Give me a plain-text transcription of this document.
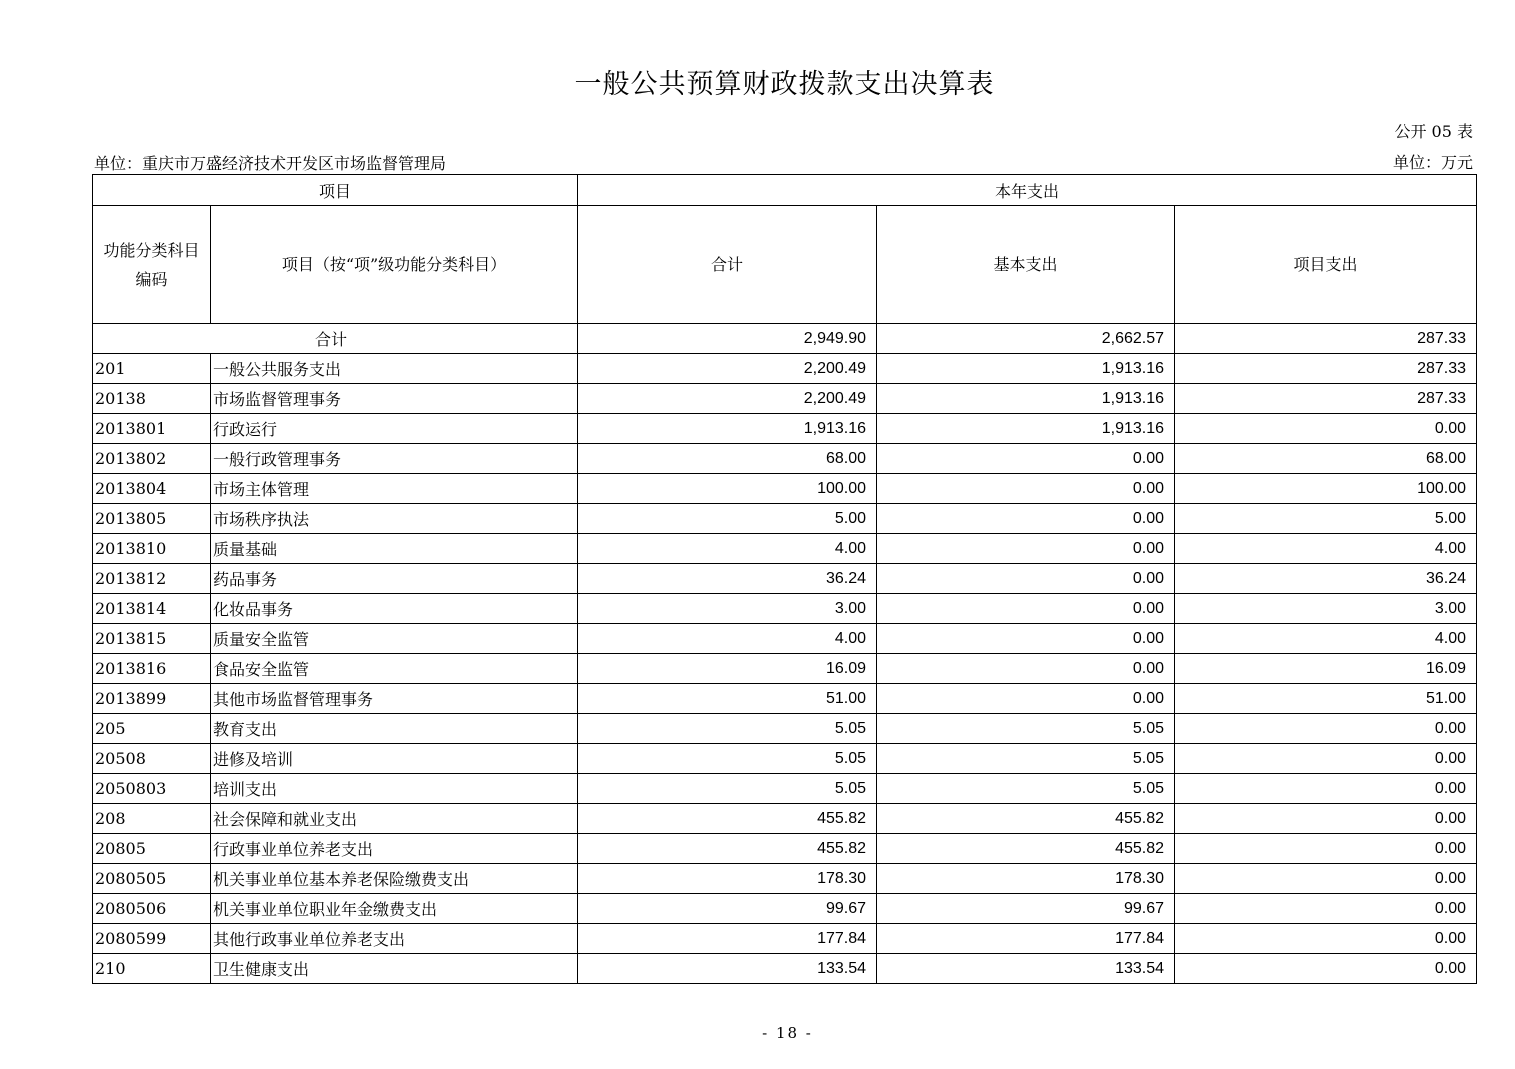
一般公共预算财政拨款支出决算表
公开 05 表
单位：重庆市万盛经济技术开发区市场监督管理局	单位：万元
项目		本年支出		
功能分类科目编码	项目（按“项”级功能分类科目）	合计	基本支出	项目支出
合计		2,949.90	2,662.57	287.33
201	一般公共服务支出	2,200.49	1,913.16	287.33
20138	市场监督管理事务	2,200.49	1,913.16	287.33
2013801	行政运行	1,913.16	1,913.16	0.00
2013802	一般行政管理事务	68.00	0.00	68.00
2013804	市场主体管理	100.00	0.00	100.00
2013805	市场秩序执法	5.00	0.00	5.00
2013810	质量基础	4.00	0.00	4.00
2013812	药品事务	36.24	0.00	36.24
2013814	化妆品事务	3.00	0.00	3.00
2013815	质量安全监管	4.00	0.00	4.00
2013816	食品安全监管	16.09	0.00	16.09
2013899	其他市场监督管理事务	51.00	0.00	51.00
205	教育支出	5.05	5.05	0.00
20508	进修及培训	5.05	5.05	0.00
2050803	培训支出	5.05	5.05	0.00
208	社会保障和就业支出	455.82	455.82	0.00
20805	行政事业单位养老支出	455.82	455.82	0.00
2080505	机关事业单位基本养老保险缴费支出	178.30	178.30	0.00
2080506	机关事业单位职业年金缴费支出	99.67	99.67	0.00
2080599	其他行政事业单位养老支出	177.84	177.84	0.00
210	卫生健康支出	133.54	133.54	0.00
- 18 -
